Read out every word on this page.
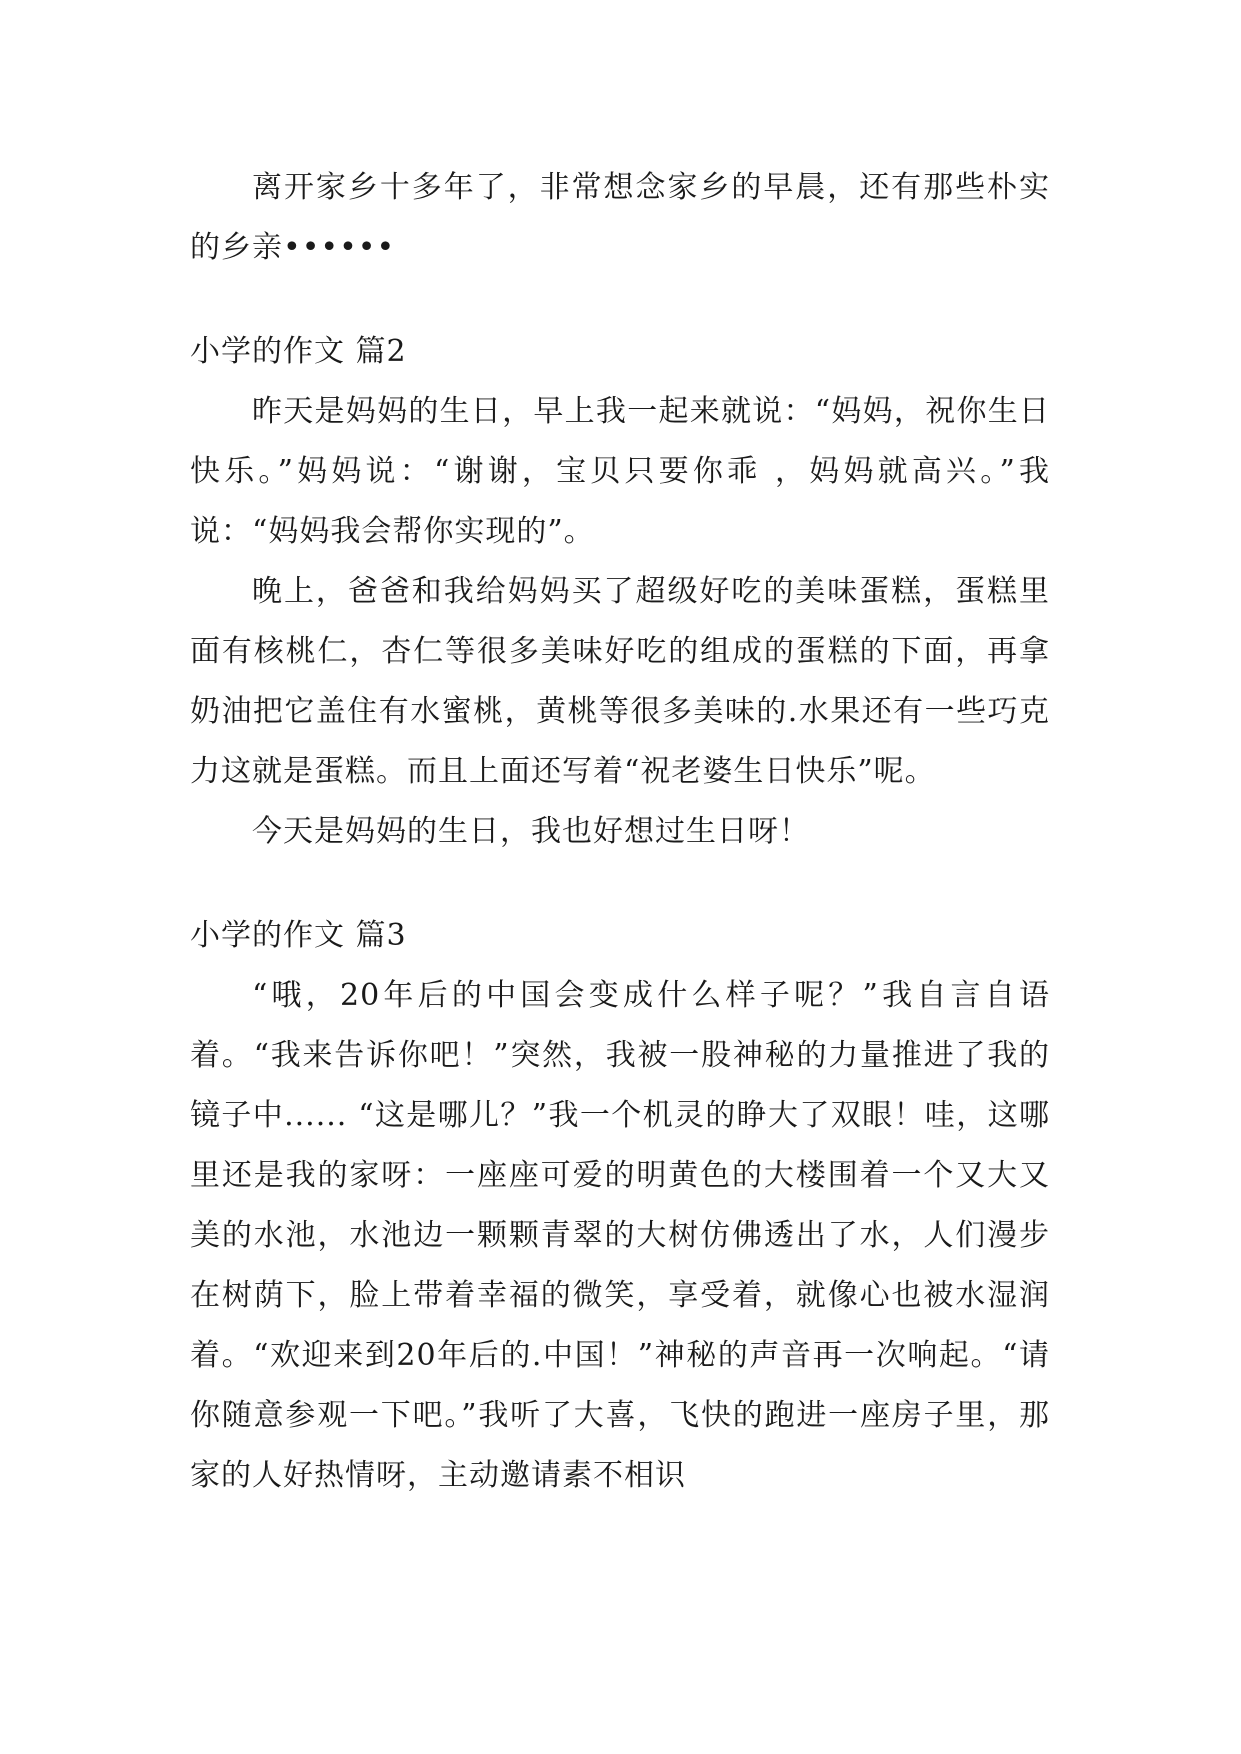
离开家乡十多年了，非常想念家乡的早晨，还有那些朴实的乡亲••••••

小学的作文 篇2

昨天是妈妈的生日，早上我一起来就说：“妈妈，祝你生日快乐。”妈妈说：“谢谢，宝贝只要你乖 ，妈妈就高兴。”我说：“妈妈我会帮你实现的”。

晚上，爸爸和我给妈妈买了超级好吃的美味蛋糕，蛋糕里面有核桃仁，杏仁等很多美味好吃的组成的蛋糕的下面，再拿奶油把它盖住有水蜜桃，黄桃等很多美味的.水果还有一些巧克力这就是蛋糕。而且上面还写着“祝老婆生日快乐”呢。

今天是妈妈的生日，我也好想过生日呀！

小学的作文 篇3

“哦，20年后的中国会变成什么样子呢？”我自言自语着。“我来告诉你吧！”突然，我被一股神秘的力量推进了我的镜子中...... “这是哪儿？”我一个机灵的睁大了双眼！哇，这哪里还是我的家呀：一座座可爱的明黄色的大楼围着一个又大又美的水池，水池边一颗颗青翠的大树仿佛透出了水，人们漫步在树荫下，脸上带着幸福的微笑，享受着，就像心也被水湿润着。“欢迎来到20年后的.中国！”神秘的声音再一次响起。“请你随意参观一下吧。”我听了大喜，飞快的跑进一座房子里，那家的人好热情呀，主动邀请素不相识
